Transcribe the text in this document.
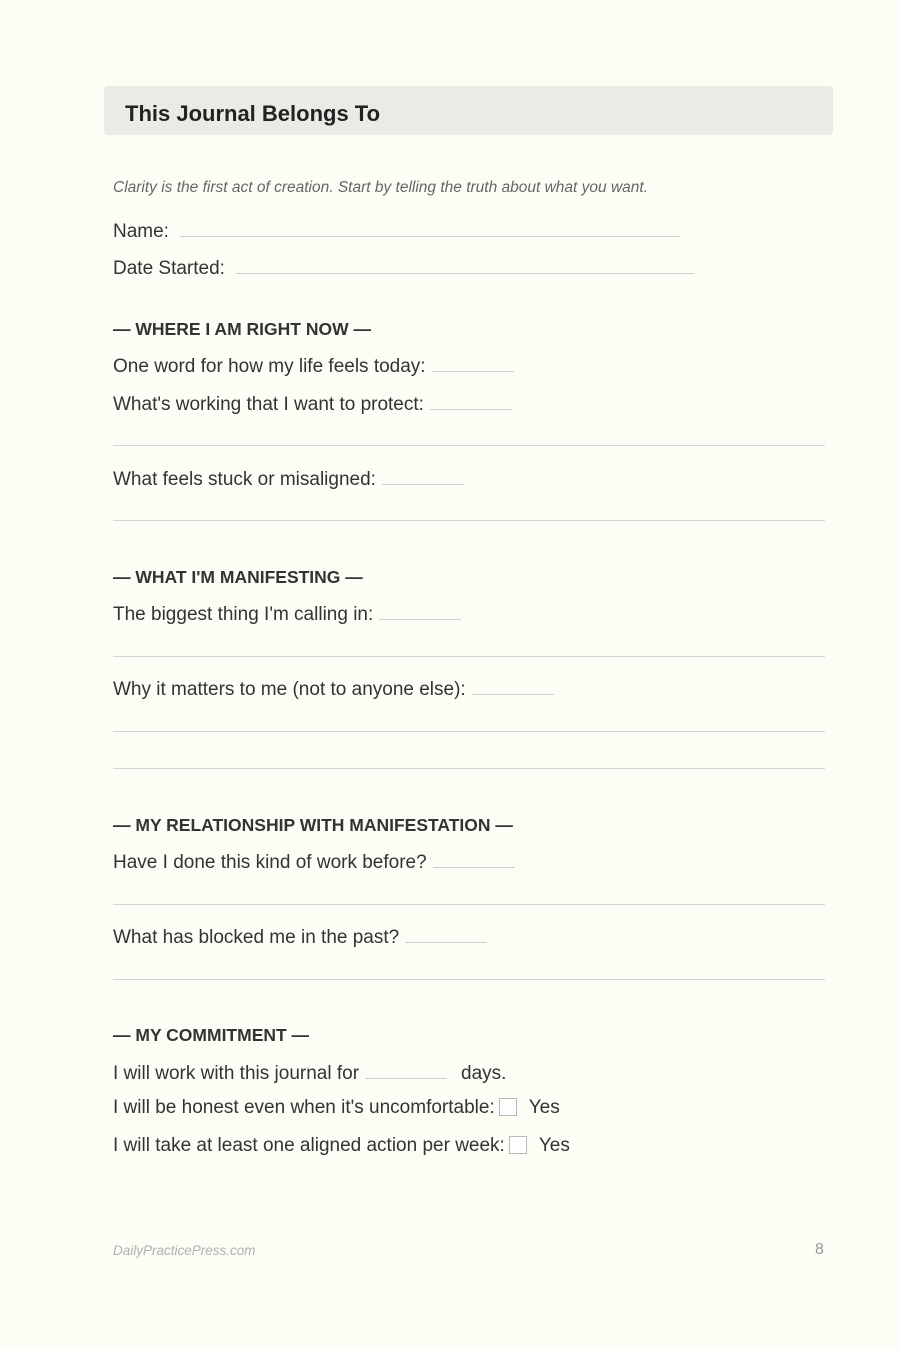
This Journal Belongs To
Clarity is the first act of creation. Start by telling the truth about what you want.
Name:
Date Started:
— WHERE I AM RIGHT NOW —
One word for how my life feels today:
What's working that I want to protect:
What feels stuck or misaligned:
— WHAT I'M MANIFESTING —
The biggest thing I'm calling in:
Why it matters to me (not to anyone else):
— MY RELATIONSHIP WITH MANIFESTATION —
Have I done this kind of work before?
What has blocked me in the past?
— MY COMMITMENT —
I will work with this journal for	days.
I will be honest even when it's uncomfortable: Yes
I will take at least one aligned action per week: Yes
DailyPracticePress.com	8
